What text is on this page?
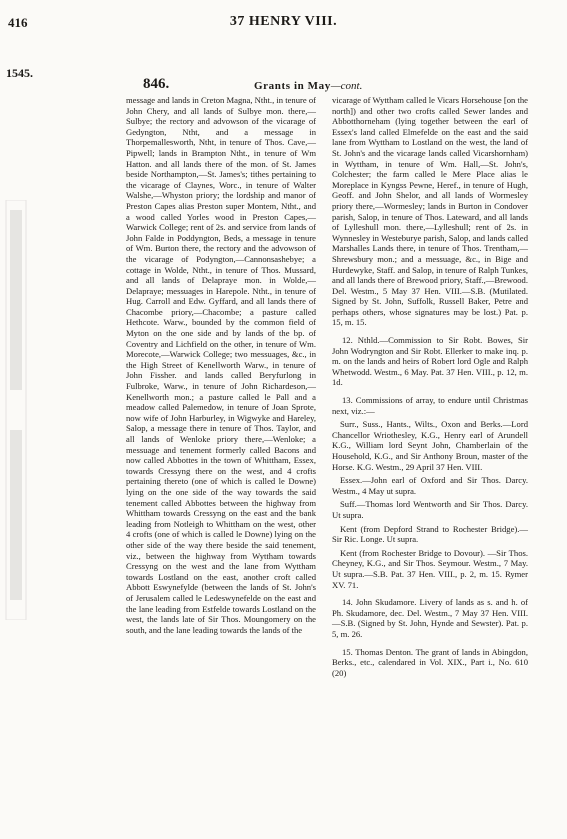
416	37 HENRY VIII.
1545.
846.	Grants in May—cont.

message and lands in Creton Magna, Ntht., in tenure of John Chery, and all lands of Sulbye mon. there,—Sulbye; the rectory and advowson of the vicarage of Gedyngton, Ntht, and a message in Thorpemallesworth, Ntht, in tenure of Thos. Cave,—Pipwell; lands in Brampton Ntht., in tenure of Wm Hatton. and all lands there of the mon. of St. James beside Northampton,—St. James's; tithes pertaining to the vicarage of Claynes, Worc., in tenure of Walter Walshe,—Whyston priory; the lordship and manor of Preston Capes alias Preston super Montem, Ntht., and a wood called Yorles wood in Preston Capes,—Warwick College; rent of 2s. and service from lands of John Falde in Poddyngton, Beds, a message in tenure of Wm. Burton there, the rectory and the advowson of the vicarage of Podyngton,—Cannonsashebye; a cottage in Wolde, Ntht., in tenure of Thos. Mussard, and all lands of Delapraye mon. in Wolde,—Delapraye; messuages in Harepole. Ntht., in tenure of Hug. Carroll and Edw. Gyffard, and all lands there of Chacombe priory,—Chacombe; a pasture called Hethcote. Warw., bounded by the common field of Myton on the one side and by lands of the bp. of Coventry and Lichfield on the other, in tenure of Wm. Morecote,—Warwick College; two messuages, &c., in the High Street of Kenellworth Warw., in tenure of John Fissher. and lands called Beryfurlong in Fulbroke, Warw., in tenure of John Richardeson,—Kenellworth mon.; a pasture called le Pall and a meadow called Palemedow, in tenure of Joan Sprote, now wife of John Harburley, in Wigwyke and Hareley, Salop, a message there in tenure of Thos. Taylor, and all lands of Wenloke priory there,—Wenloke; a messuage and tenement formerly called Bacons and now called Abbottes in the town of Whittham, Essex, towards Cressyng there on the west, and 4 crofts pertaining thereto (one of which is called le Downe) lying on the one side of the way towards the said tenement called Abbottes between the highway from Whittham towards Cressyng on the east and the bank leading from Notleigh to Whittham on the west, other 4 crofts (one of which is called le Downe) lying on the other side of the way there beside the said tenement, viz., between the highway from Wyttham towards Cressyng on the west and the lane from Wyttham towards Lostland on the east, another croft called Abbott Eswynefylde (between the lands of St. John's of Jerusalem called le Ledeswynefelde on the east and the lane leading from Estfelde towards Lostland on the west, the lands late of Sir Thos. Moungomery on the south, and the lane leading towards the lands of the

vicarage of Wyttham called le Vicars Horsehouse [on the north]) and other two crofts called Sewer landes and Abbotthorneham (lying together between the earl of Essex's land called Elmefelde on the east and the said lane from Wyttham to Lostland on the west, the land of St. John's and the vicarage lands called Vicarshornham) in Wyttham, in tenure of Wm. Hall,—St. John's, Colchester; the farm called le Mere Place alias le Moreplace in Kyngss Pewne, Heref., in tenure of Hugh, Geoff. and John Shelor, and all lands of Wormesley priory there,—Wormesley; lands in Burton in Condover parish, Salop, in tenure of Thos. Lateward, and all lands of Lylleshull mon. there,—Lylleshull; rent of 2s. in Wynnesley in Westeburye parish, Salop, and lands called Marshalles Lands there, in tenure of Thos. Trentham,—Shrewsbury mon.; and a messuage, &c., in Bige and Hurdewyke, Staff. and Salop, in tenure of Ralph Tunkes, and all lands there of Brewood priory, Staff.,—Brewood. Del. Westm., 5 May 37 Hen. VIII.—S.B. (Mutilated. Signed by St. John, Suffolk, Russell Baker, Petre and perhaps others, whose signatures may be lost.) Pat. p. 15, m. 15.

12. Nthld.—Commission to Sir Robt. Bowes, Sir John Wodryngton and Sir Robt. Ellerker to make inq. p. m. on the lands and heirs of Robert lord Ogle and Ralph Whetwodd. Westm., 6 May. Pat. 37 Hen. VIII., p. 12, m. 1d.

13. Commissions of array, to endure until Christmas next, viz.:—

Surr., Suss., Hants., Wilts., Oxon and Berks.—Lord Chancellor Wriothesley, K.G., Henry earl of Arundell K.G., William lord Seynt John, Chamberlain of the Household, K.G., and Sir Anthony Broun, master of the Horse. K.G. Westm., 29 April 37 Hen. VIII.

Essex.—John earl of Oxford and Sir Thos. Darcy. Westm., 4 May ut supra.

Suff.—Thomas lord Wentworth and Sir Thos. Darcy. Ut supra.

Kent (from Depford Strand to Rochester Bridge).—Sir Ric. Longe. Ut supra.

Kent (from Rochester Bridge to Dovour). —Sir Thos. Cheyney, K.G., and Sir Thos. Seymour. Westm., 7 May. Ut supra.—S.B. Pat. 37 Hen. VIII., p. 2, m. 15. Rymer XV. 71.

14. John Skudamore. Livery of lands as s. and h. of Ph. Skudamore, dec. Del. Westm., 7 May 37 Hen. VIII. —S.B. (Signed by St. John, Hynde and Sewster). Pat. p. 5, m. 26.

15. Thomas Denton. The grant of lands in Abingdon, Berks., etc., calendared in Vol. XIX., Part i., No. 610 (20)
